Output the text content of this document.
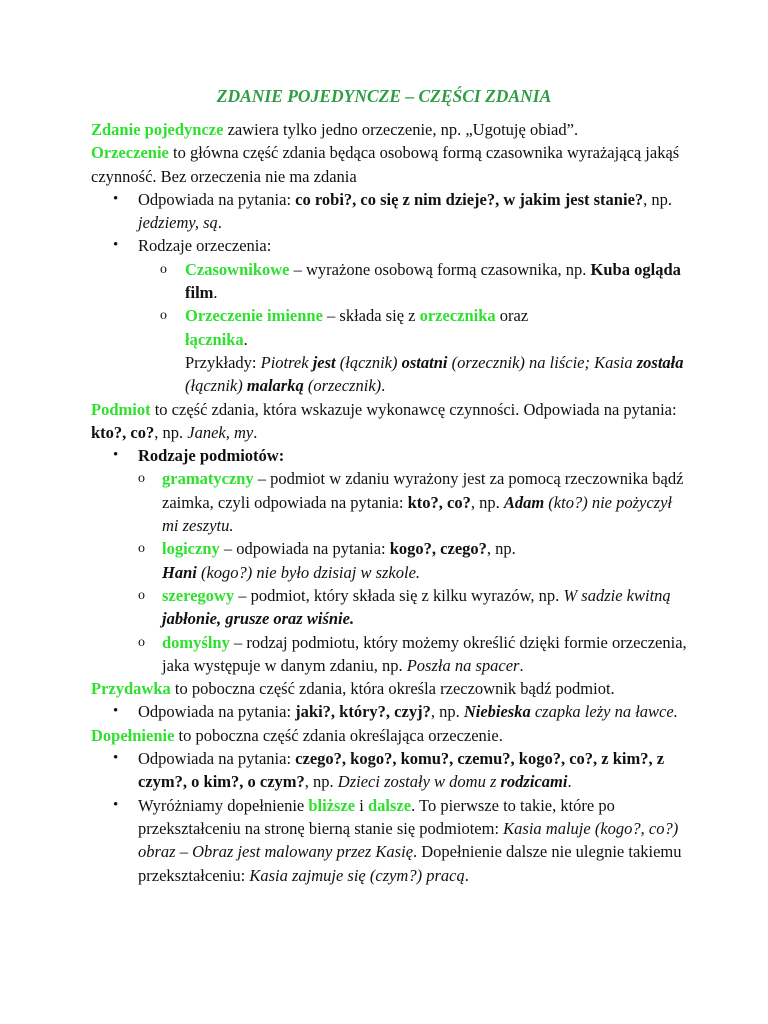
ZDANIE POJEDYNCZE – CZĘŚCI ZDANIA

Zdanie pojedyncze zawiera tylko jedno orzeczenie, np. „Ugotuję obiad”.

Orzeczenie to główna część zdania będąca osobową formą czasownika wyrażającą jakąś czynność. Bez orzeczenia nie ma zdania

• Odpowiada na pytania: co robi?, co się z nim dzieje?, w jakim jest stanie?, np. jedziemy, są.
• Rodzaje orzeczenia:
o Czasownikowe – wyrażone osobową formą czasownika, np. Kuba ogląda film.
o Orzeczenie imienne – składa się z orzecznika oraz
łącznika.
Przykłady: Piotrek jest (łącznik) ostatni (orzecznik) na liście; Kasia została (łącznik) malarką (orzecznik).

Podmiot to część zdania, która wskazuje wykonawcę czynności. Odpowiada na pytania: kto?, co?, np. Janek, my.

• Rodzaje podmiotów:
o gramatyczny – podmiot w zdaniu wyrażony jest za pomocą rzeczownika bądź zaimka, czyli odpowiada na pytania: kto?, co?, np. Adam (kto?) nie pożyczył mi zeszytu.
o logiczny – odpowiada na pytania: kogo?, czego?, np.
Hani (kogo?) nie było dzisiaj w szkole.
o szeregowy – podmiot, który składa się z kilku wyrazów, np. W sadzie kwitną jabłonie, grusze oraz wiśnie.
o domyślny – rodzaj podmiotu, który możemy określić dzięki formie orzeczenia, jaka występuje w danym zdaniu, np. Poszła na spacer.

Przydawka to poboczna część zdania, która określa rzeczownik bądź podmiot.

• Odpowiada na pytania: jaki?, który?, czyj?, np. Niebieska czapka leży na ławce.

Dopełnienie to poboczna część zdania określająca orzeczenie.

• Odpowiada na pytania: czego?, kogo?, komu?, czemu?, kogo?, co?, z kim?, z czym?, o kim?, o czym?, np. Dzieci zostały w domu z rodzicami.
• Wyróżniamy dopełnienie bliższe i dalsze. To pierwsze to takie, które po przekształceniu na stronę bierną stanie się podmiotem: Kasia maluje (kogo?, co?) obraz – Obraz jest malowany przez Kasię. Dopełnienie dalsze nie ulegnie takiemu przekształceniu: Kasia zajmuje się (czym?) pracą.
